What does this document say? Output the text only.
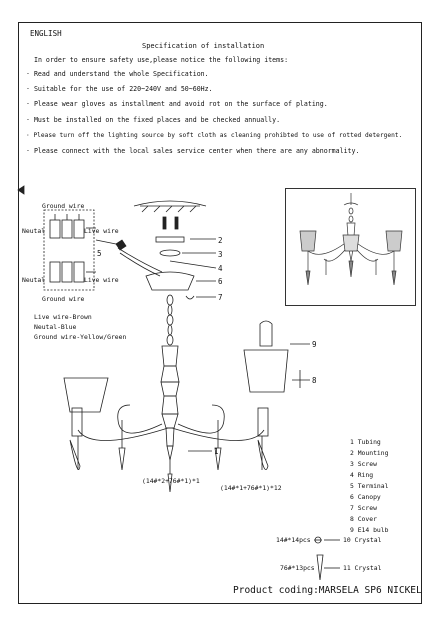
ENGLISH
Specification of installation
In order to ensure safety use,please notice the following items:
· Read and understand the whole Specification.
· Suitable for the use of 220~240V and 50~60Hz.
· Please wear gloves as installment and avoid rot on the surface of plating.
· Must be installed on the fixed places and be checked annually.
· Please turn off the lighting source by soft cloth as cleaning prohibted to use of rotted detergent.
· Please connect with the local sales service center when there are any abnormality.
2
3
4
6
7
5
1
9
8
Ground wire
Neutal	Live wire
Neutal	Live wire
Ground wire
Live wire-Brown
Neutal-Blue
Ground wire-Yellow/Green
(14#*2+76#*1)*1
(14#*1+76#*1)*12
1 Tubing
2 Mounting
3 Screw
4 Ring
5 Terminal
6 Canopy
7 Screw
8 Cover
9 E14 bulb
14#*14pcs	10 Crystal
76#*13pcs	11 Crystal
Product coding:MARSELA SP6 NICKEL
